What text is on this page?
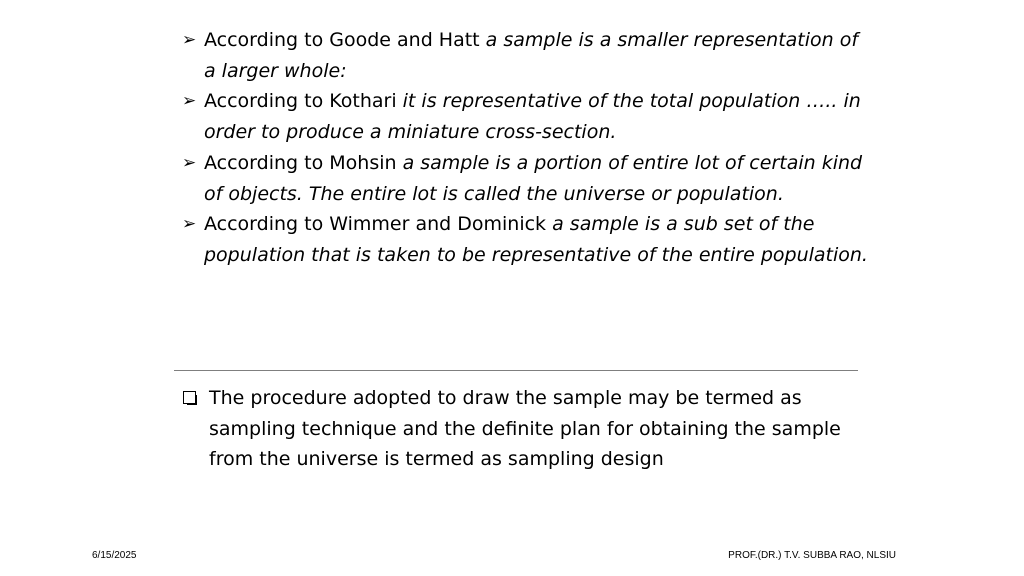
➢ According to Goode and Hatt a sample is a smaller representation of a larger whole:

➢ According to Kothari it is representative of the total population ….. in order to produce a miniature cross-section.

➢ According to Mohsin a sample is a portion of entire lot of certain kind of objects. The entire lot is called the universe or population.

➢ According to Wimmer and Dominick a sample is a sub set of the population that is taken to be representative of the entire population.

The procedure adopted to draw the sample may be termed as sampling technique and the definite plan for obtaining the sample from the universe is termed as sampling design

6/15/2025	PROF.(DR.) T.V. SUBBA RAO, NLSIU
